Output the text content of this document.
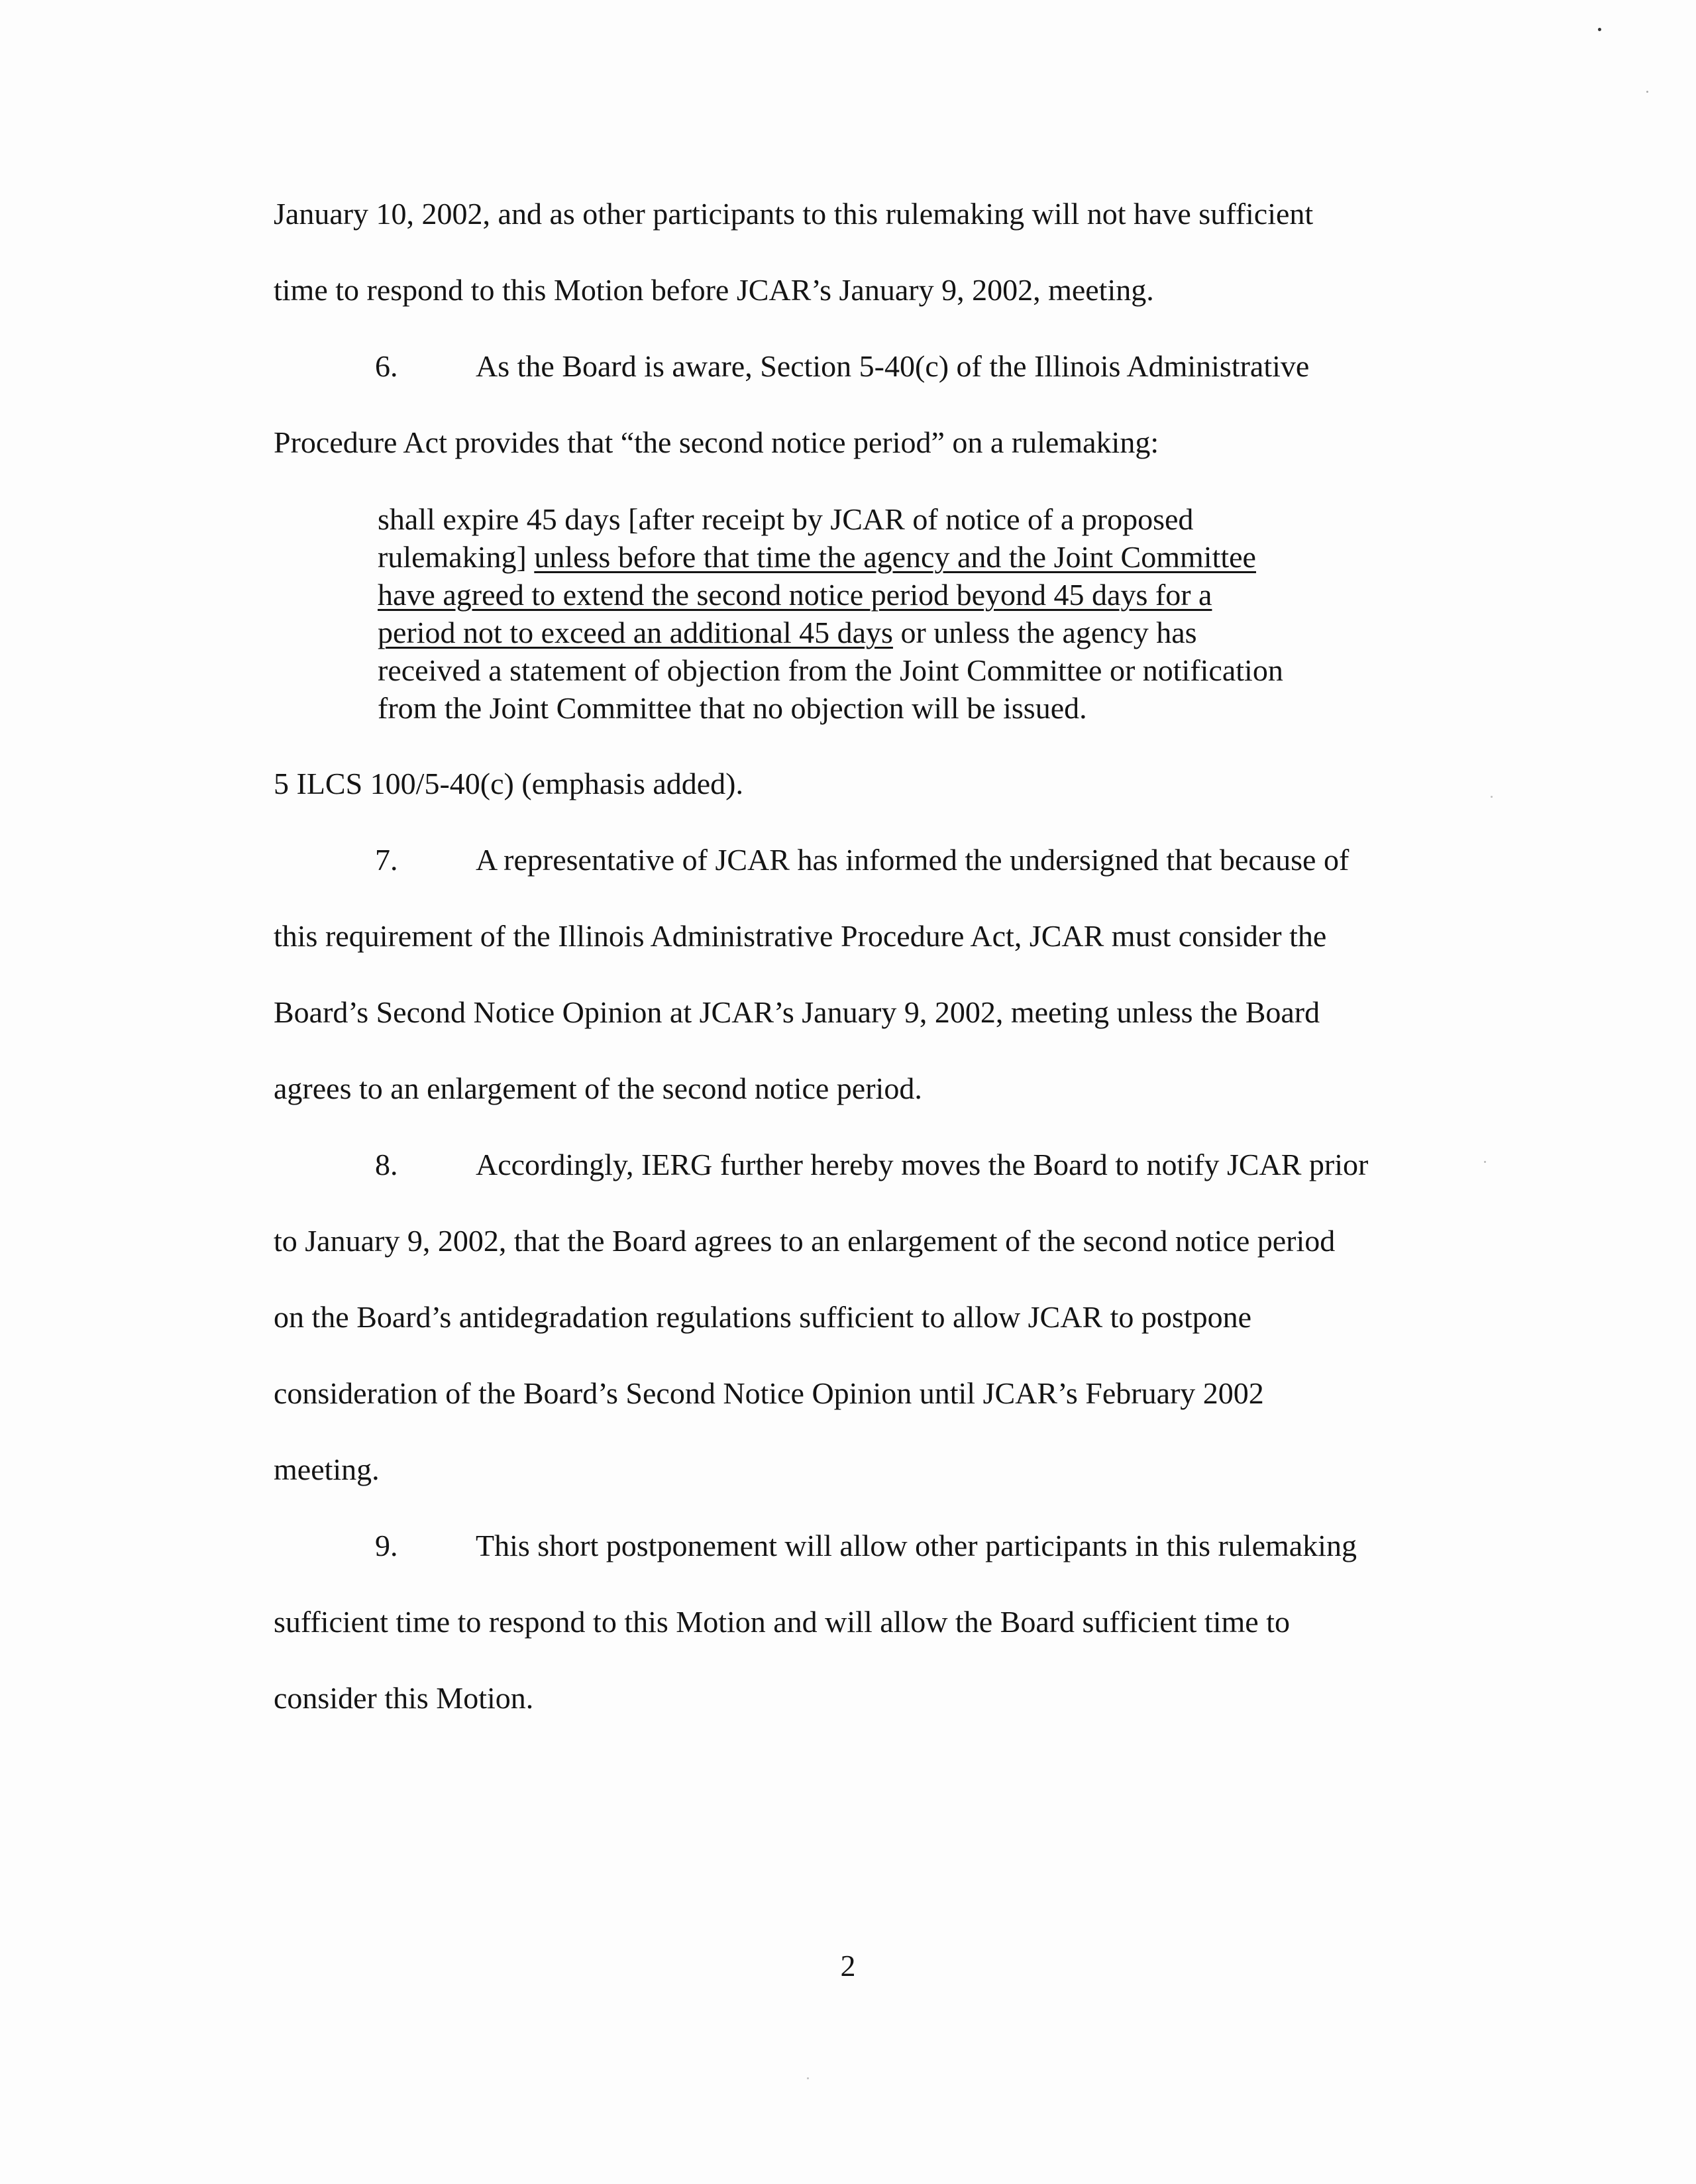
January 10, 2002, and as other participants to this rulemaking will not have sufficient
time to respond to this Motion before JCAR’s January 9, 2002, meeting.
6.	As the Board is aware, Section 5-40(c) of the Illinois Administrative
Procedure Act provides that “the second notice period” on a rulemaking:
5 ILCS 100/5-40(c) (emphasis added).
7.	A representative of JCAR has informed the undersigned that because of
this requirement of the Illinois Administrative Procedure Act, JCAR must consider the
Board’s Second Notice Opinion at JCAR’s January 9, 2002, meeting unless the Board
agrees to an enlargement of the second notice period.
8.	Accordingly, IERG further hereby moves the Board to notify JCAR prior
to January 9, 2002, that the Board agrees to an enlargement of the second notice period
on the Board’s antidegradation regulations sufficient to allow JCAR to postpone
consideration of the Board’s Second Notice Opinion until JCAR’s February 2002
meeting.
9.	This short postponement will allow other participants in this rulemaking
sufficient time to respond to this Motion and will allow the Board sufficient time to
consider this Motion.
shall expire 45 days [after receipt by JCAR of notice of a proposed
rulemaking] unless before that time the agency and the Joint Committee
have agreed to extend the second notice period beyond 45 days for a
period not to exceed an additional 45 days or unless the agency has
received a statement of objection from the Joint Committee or notification
from the Joint Committee that no objection will be issued.
2
